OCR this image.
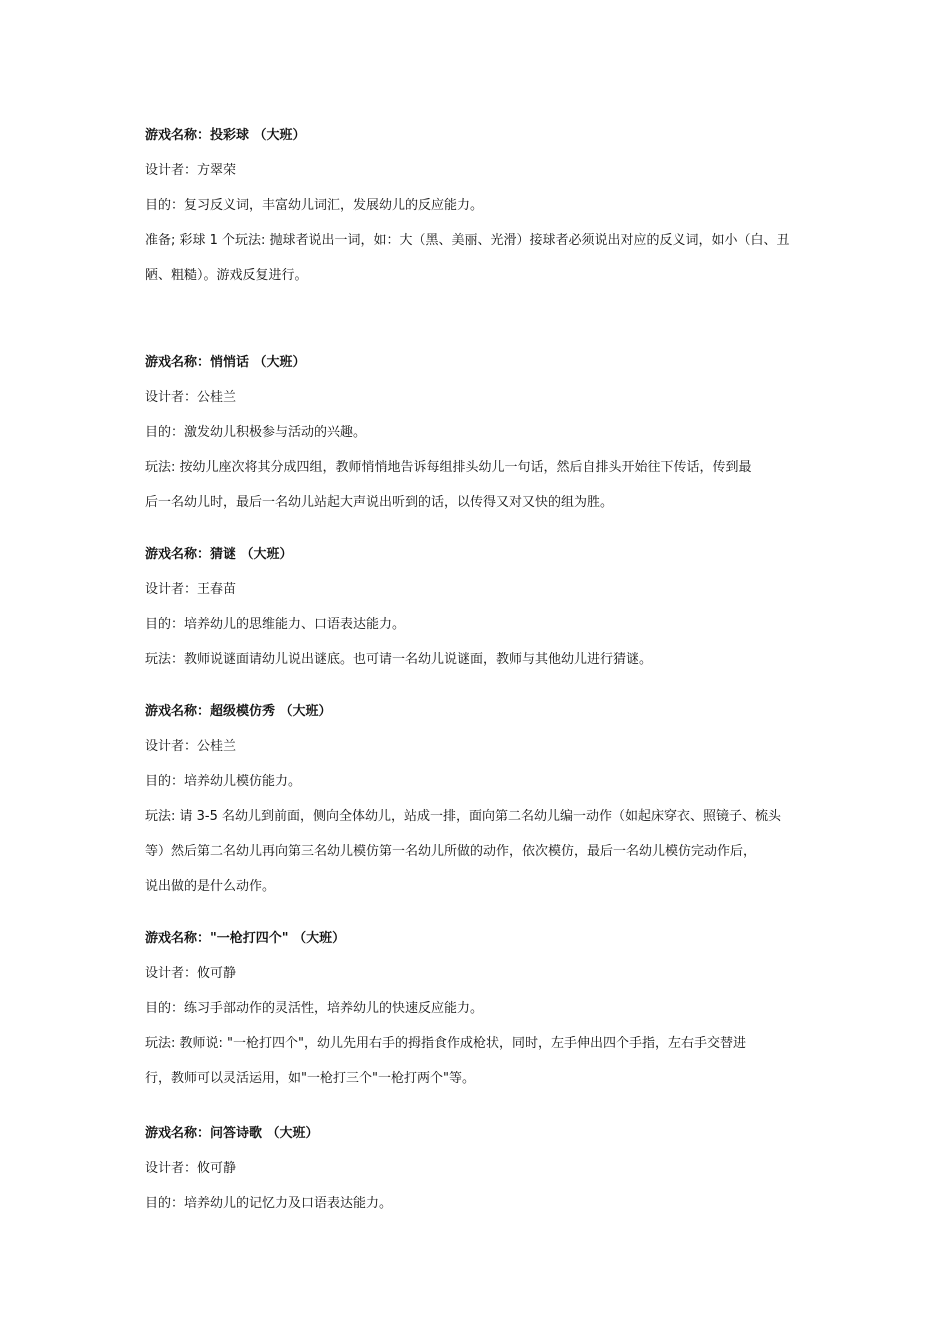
游戏名称：投彩球 （大班）
设计者：方翠荣
目的：复习反义词，丰富幼儿词汇，发展幼儿的反应能力。
准备; 彩球 1 个玩法: 抛球者说出一词，如：大（黑、美丽、光滑）接球者必须说出对应的反义词，如小（白、丑
陋、粗糙）。游戏反复进行。
游戏名称：悄悄话 （大班）
设计者：公桂兰
目的：激发幼儿积极参与活动的兴趣。
玩法: 按幼儿座次将其分成四组，教师悄悄地告诉每组排头幼儿一句话，然后自排头开始往下传话，传到最
后一名幼儿时，最后一名幼儿站起大声说出听到的话，以传得又对又快的组为胜。
游戏名称：猜谜 （大班）
设计者：王春苗
目的：培养幼儿的思维能力、口语表达能力。
玩法：教师说谜面请幼儿说出谜底。也可请一名幼儿说谜面，教师与其他幼儿进行猜谜。
游戏名称：超级模仿秀 （大班）
设计者：公桂兰
目的：培养幼儿模仿能力。
玩法: 请 3-5 名幼儿到前面，侧向全体幼儿，站成一排，面向第二名幼儿编一动作（如起床穿衣、照镜子、梳头
等）然后第二名幼儿再向第三名幼儿模仿第一名幼儿所做的动作，依次模仿，最后一名幼儿模仿完动作后，
说出做的是什么动作。
游戏名称："一枪打四个" （大班）
设计者：攸可静
目的：练习手部动作的灵活性，培养幼儿的快速反应能力。
玩法: 教师说: "一枪打四个"，幼儿先用右手的拇指食作成枪状，同时，左手伸出四个手指，左右手交替进
行，教师可以灵活运用，如"一枪打三个"一枪打两个"等。
游戏名称：问答诗歌 （大班）
设计者：攸可静
目的：培养幼儿的记忆力及口语表达能力。
